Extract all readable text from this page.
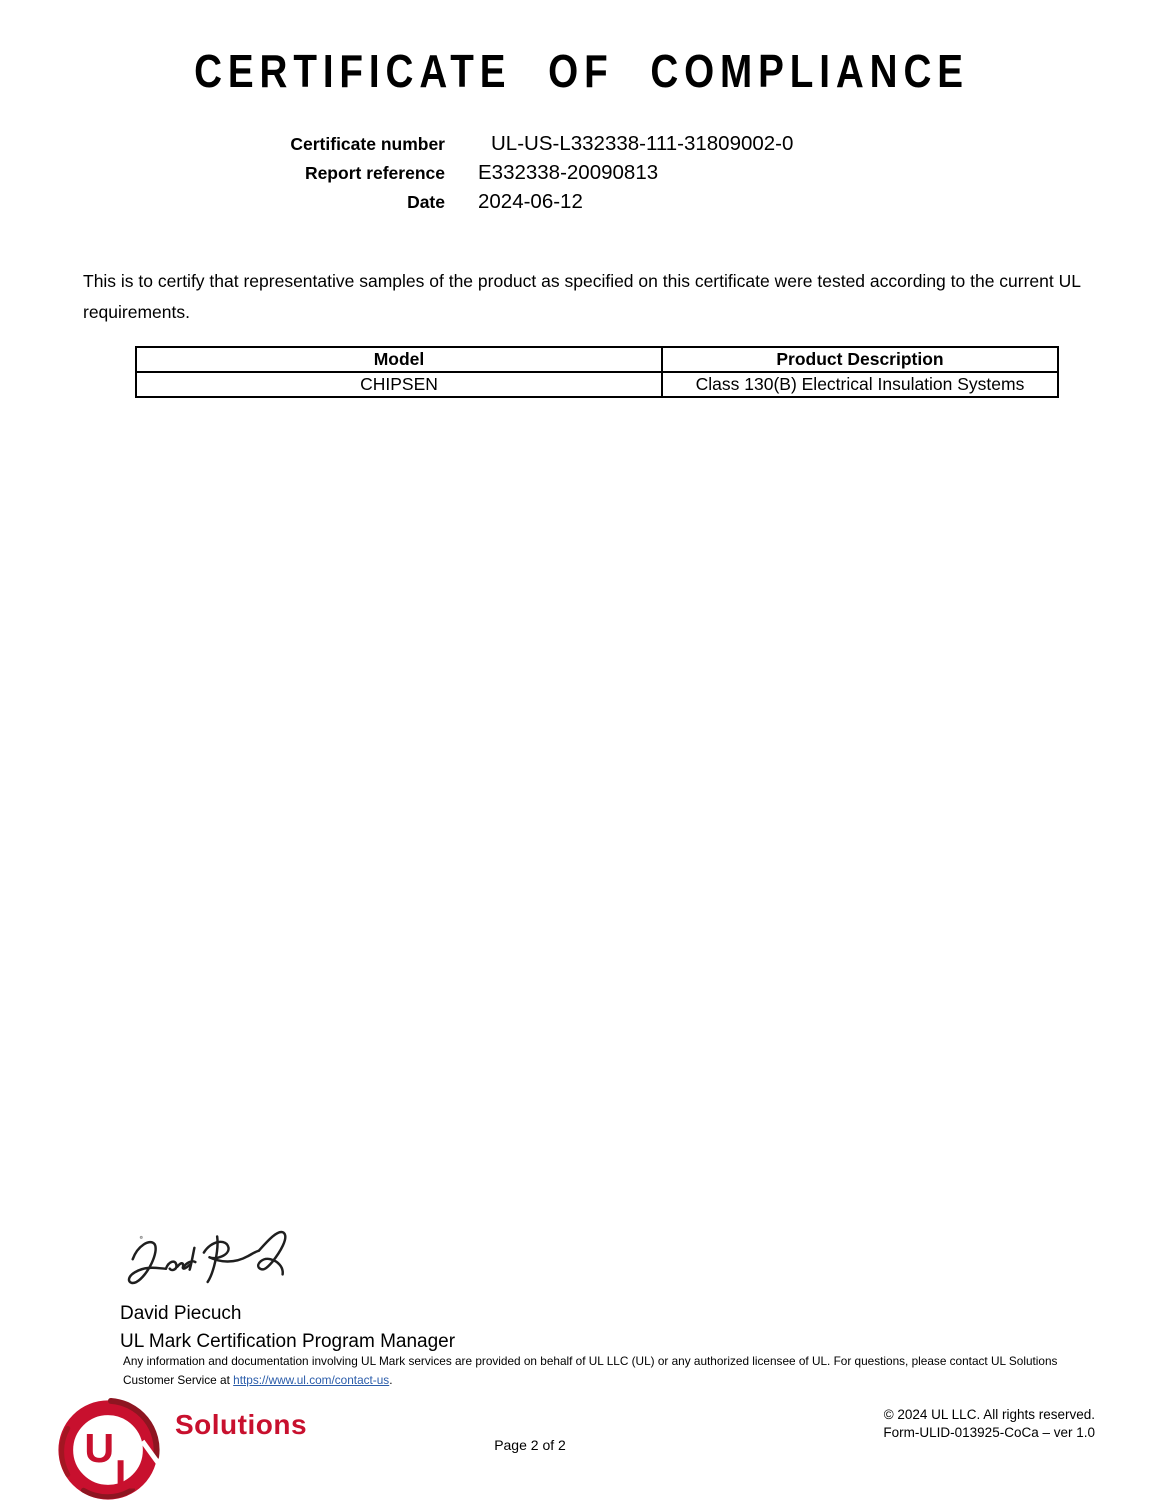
CERTIFICATE OF COMPLIANCE
Certificate number	UL-US-L332338-111-31809002-0
Report reference	E332338-20090813
Date	2024-06-12

This is to certify that representative samples of the product as specified on this certificate were tested according to the current UL requirements.

Model	Product Description
CHIPSEN	Class 130(B) Electrical Insulation Systems
David Piecuch
UL Mark Certification Program Manager
Any information and documentation involving UL Mark services are provided on behalf of UL LLC (UL) or any authorized licensee of UL. For questions, please contact UL Solutions Customer Service at https://www.ul.com/contact-us.
U
L
Solutions
Page 2 of 2
© 2024 UL LLC. All rights reserved.
Form-ULID-013925-CoCa – ver 1.0
